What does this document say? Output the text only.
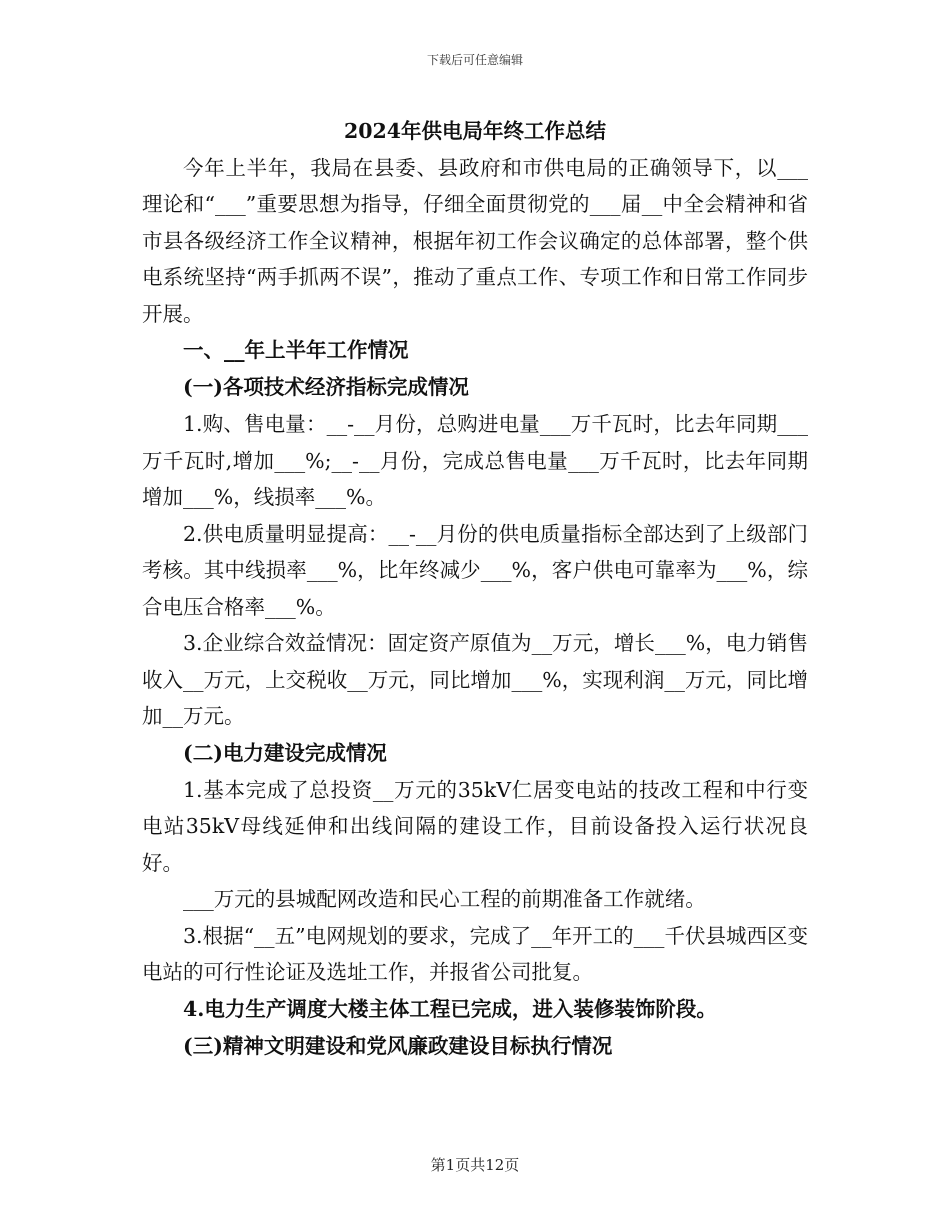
下载后可任意编辑

2024年供电局年终工作总结

今年上半年，我局在县委、县政府和市供电局的正确领导下，以___理论和“___”重要思想为指导，仔细全面贯彻党的___届__中全会精神和省市县各级经济工作全议精神，根据年初工作会议确定的总体部署，整个供电系统坚持“两手抓两不误”，推动了重点工作、专项工作和日常工作同步开展。

一、__年上半年工作情况

(一)各项技术经济指标完成情况

1.购、售电量：__-__月份，总购进电量___万千瓦时，比去年同期___万千瓦时,增加___%;__-__月份，完成总售电量___万千瓦时，比去年同期增加___%，线损率___%。

2.供电质量明显提高：__-__月份的供电质量指标全部达到了上级部门考核。其中线损率___%，比年终减少___%，客户供电可靠率为___%，综合电压合格率___%。

3.企业综合效益情况：固定资产原值为__万元，增长___%，电力销售收入__万元，上交税收__万元，同比增加___%，实现利润__万元，同比增加__万元。

(二)电力建设完成情况

1.基本完成了总投资__万元的35kV仁居变电站的技改工程和中行变电站35kV母线延伸和出线间隔的建设工作，目前设备投入运行状况良好。

___万元的县城配网改造和民心工程的前期准备工作就绪。

3.根据“__五”电网规划的要求，完成了__年开工的___千伏县城西区变电站的可行性论证及选址工作，并报省公司批复。

4.电力生产调度大楼主体工程已完成，进入装修装饰阶段。

(三)精神文明建设和党风廉政建设目标执行情况

第1页共12页
